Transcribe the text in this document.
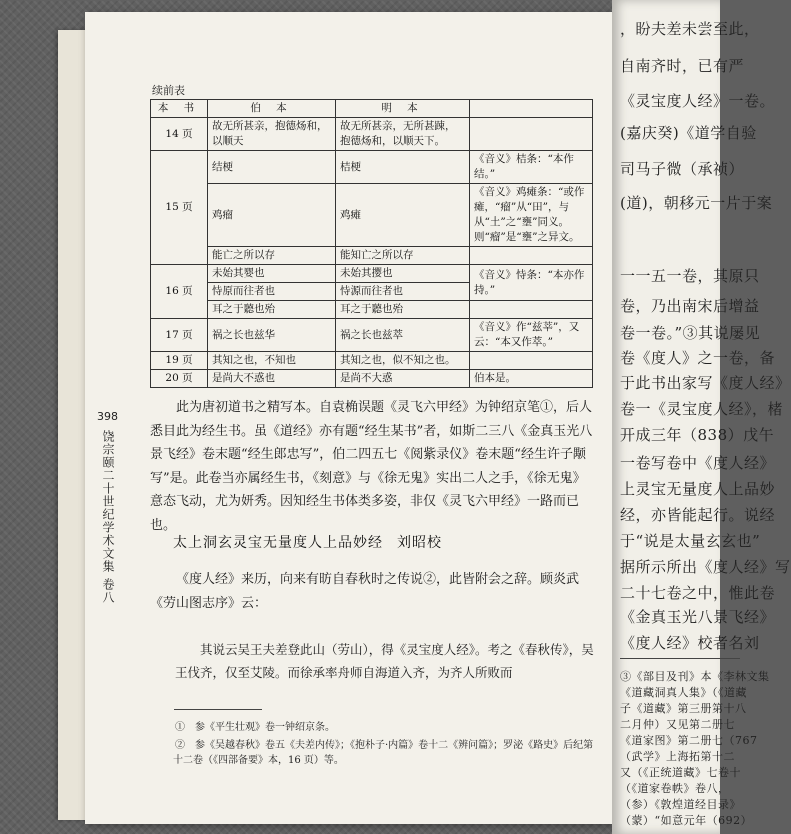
，盼夫差未尝至此，
自南齐时，已有严
《灵宝度人经》一卷。
(嘉庆癸)《道学自验
司马子微（承祯）
(道)，朝移元一片于案
一一五一卷，其原只
卷，乃出南宋后增益
卷一卷。”③其说屡见
卷《度人》之一卷，备
于此书出家写《度人经》
卷一《灵宝度人经》，楮
开成三年（838）戊午
一卷写卷中《度人经》
上灵宝无量度人上品妙
经，亦皆能起行。说经
于“说是太量玄玄也”
据所示所出《度人经》写
二十七卷之中，惟此卷
《金真玉光八景飞经》
《度人经》校者名刘
③《部目及刊》本《李林文集
《道藏洞真人集》（《道藏
子《道藏》第三册第十八
二月仲）又见第二册七
《道家图》第二册七（767
（武学》上海拓第十二
又（《正统道藏》七卷十
（《道家卷帙》卷八，
（参）《敦煌道经目录》
（蒙）“如意元年（692）
续前表
本 书	伯 本	明 本	
14 页	故无所甚亲，抱德炀和，以顺天	故无所甚亲，无所甚踈，抱德炀和，以顺天下。	
15 页	结梗	桔梗	《音义》桔条：“本作结。”
	鸡瘤	鸡瘫	《音义》鸡瘫条：“或作瘫，“瘤”从“田”，与从“土”之“壅”同义。则“瘤”是“壅”之异文。
	能亡之所以存	能知亡之所以存	
16 页	未始其婴也	未始其撄也	《音义》恃条：“本亦作持。”
	恃原而往者也	恃源而往者也	
	耳之于聽也殆	耳之于聽也殆	
17 页	祸之长也兹华	祸之长也兹萃	《音义》作“兹莘”，又云：“本又作萃。”
19 页	其知之也，不知也	其知之也，似不知之也。	
20 页	是尚大不惑也	是尚不大惑	伯本是。
398
饶宗颐二十世纪学术文集 卷八

此为唐初道书之精写本。自袁桷误题《灵飞六甲经》为钟绍京笔①，后人悉目此为经生书。虽《道经》亦有题“经生某书”者，如斯二三八《金真玉光八景飞经》卷末题“经生郎忠写”，伯二四五七《阅紫录仪》卷末题“经生许子颙写”是。此卷当亦属经生书，《刻意》与《徐无鬼》实出二人之手，《徐无鬼》意态飞动，尤为妍秀。因知经生书体类多姿，非仅《灵飞六甲经》一路而已也。

太上洞玄灵宝无量度人上品妙经 刘昭校

《度人经》来历，向来有昉自春秋时之传说②，此皆附会之辞。顾炎武《劳山图志序》云：

其说云吴王夫差登此山（劳山），得《灵宝度人经》。考之《春秋传》，吴王伐齐，仅至艾陵。而徐承率舟师自海道入齐，为齐人所败而

①　参《平生壮观》卷一钟绍京条。
②　参《吴越春秋》卷五《夫差内传》；《抱朴子·内篇》卷十二《辨问篇》；罗泌《路史》后纪第
十二卷（《四部备要》本，16 页）等。
